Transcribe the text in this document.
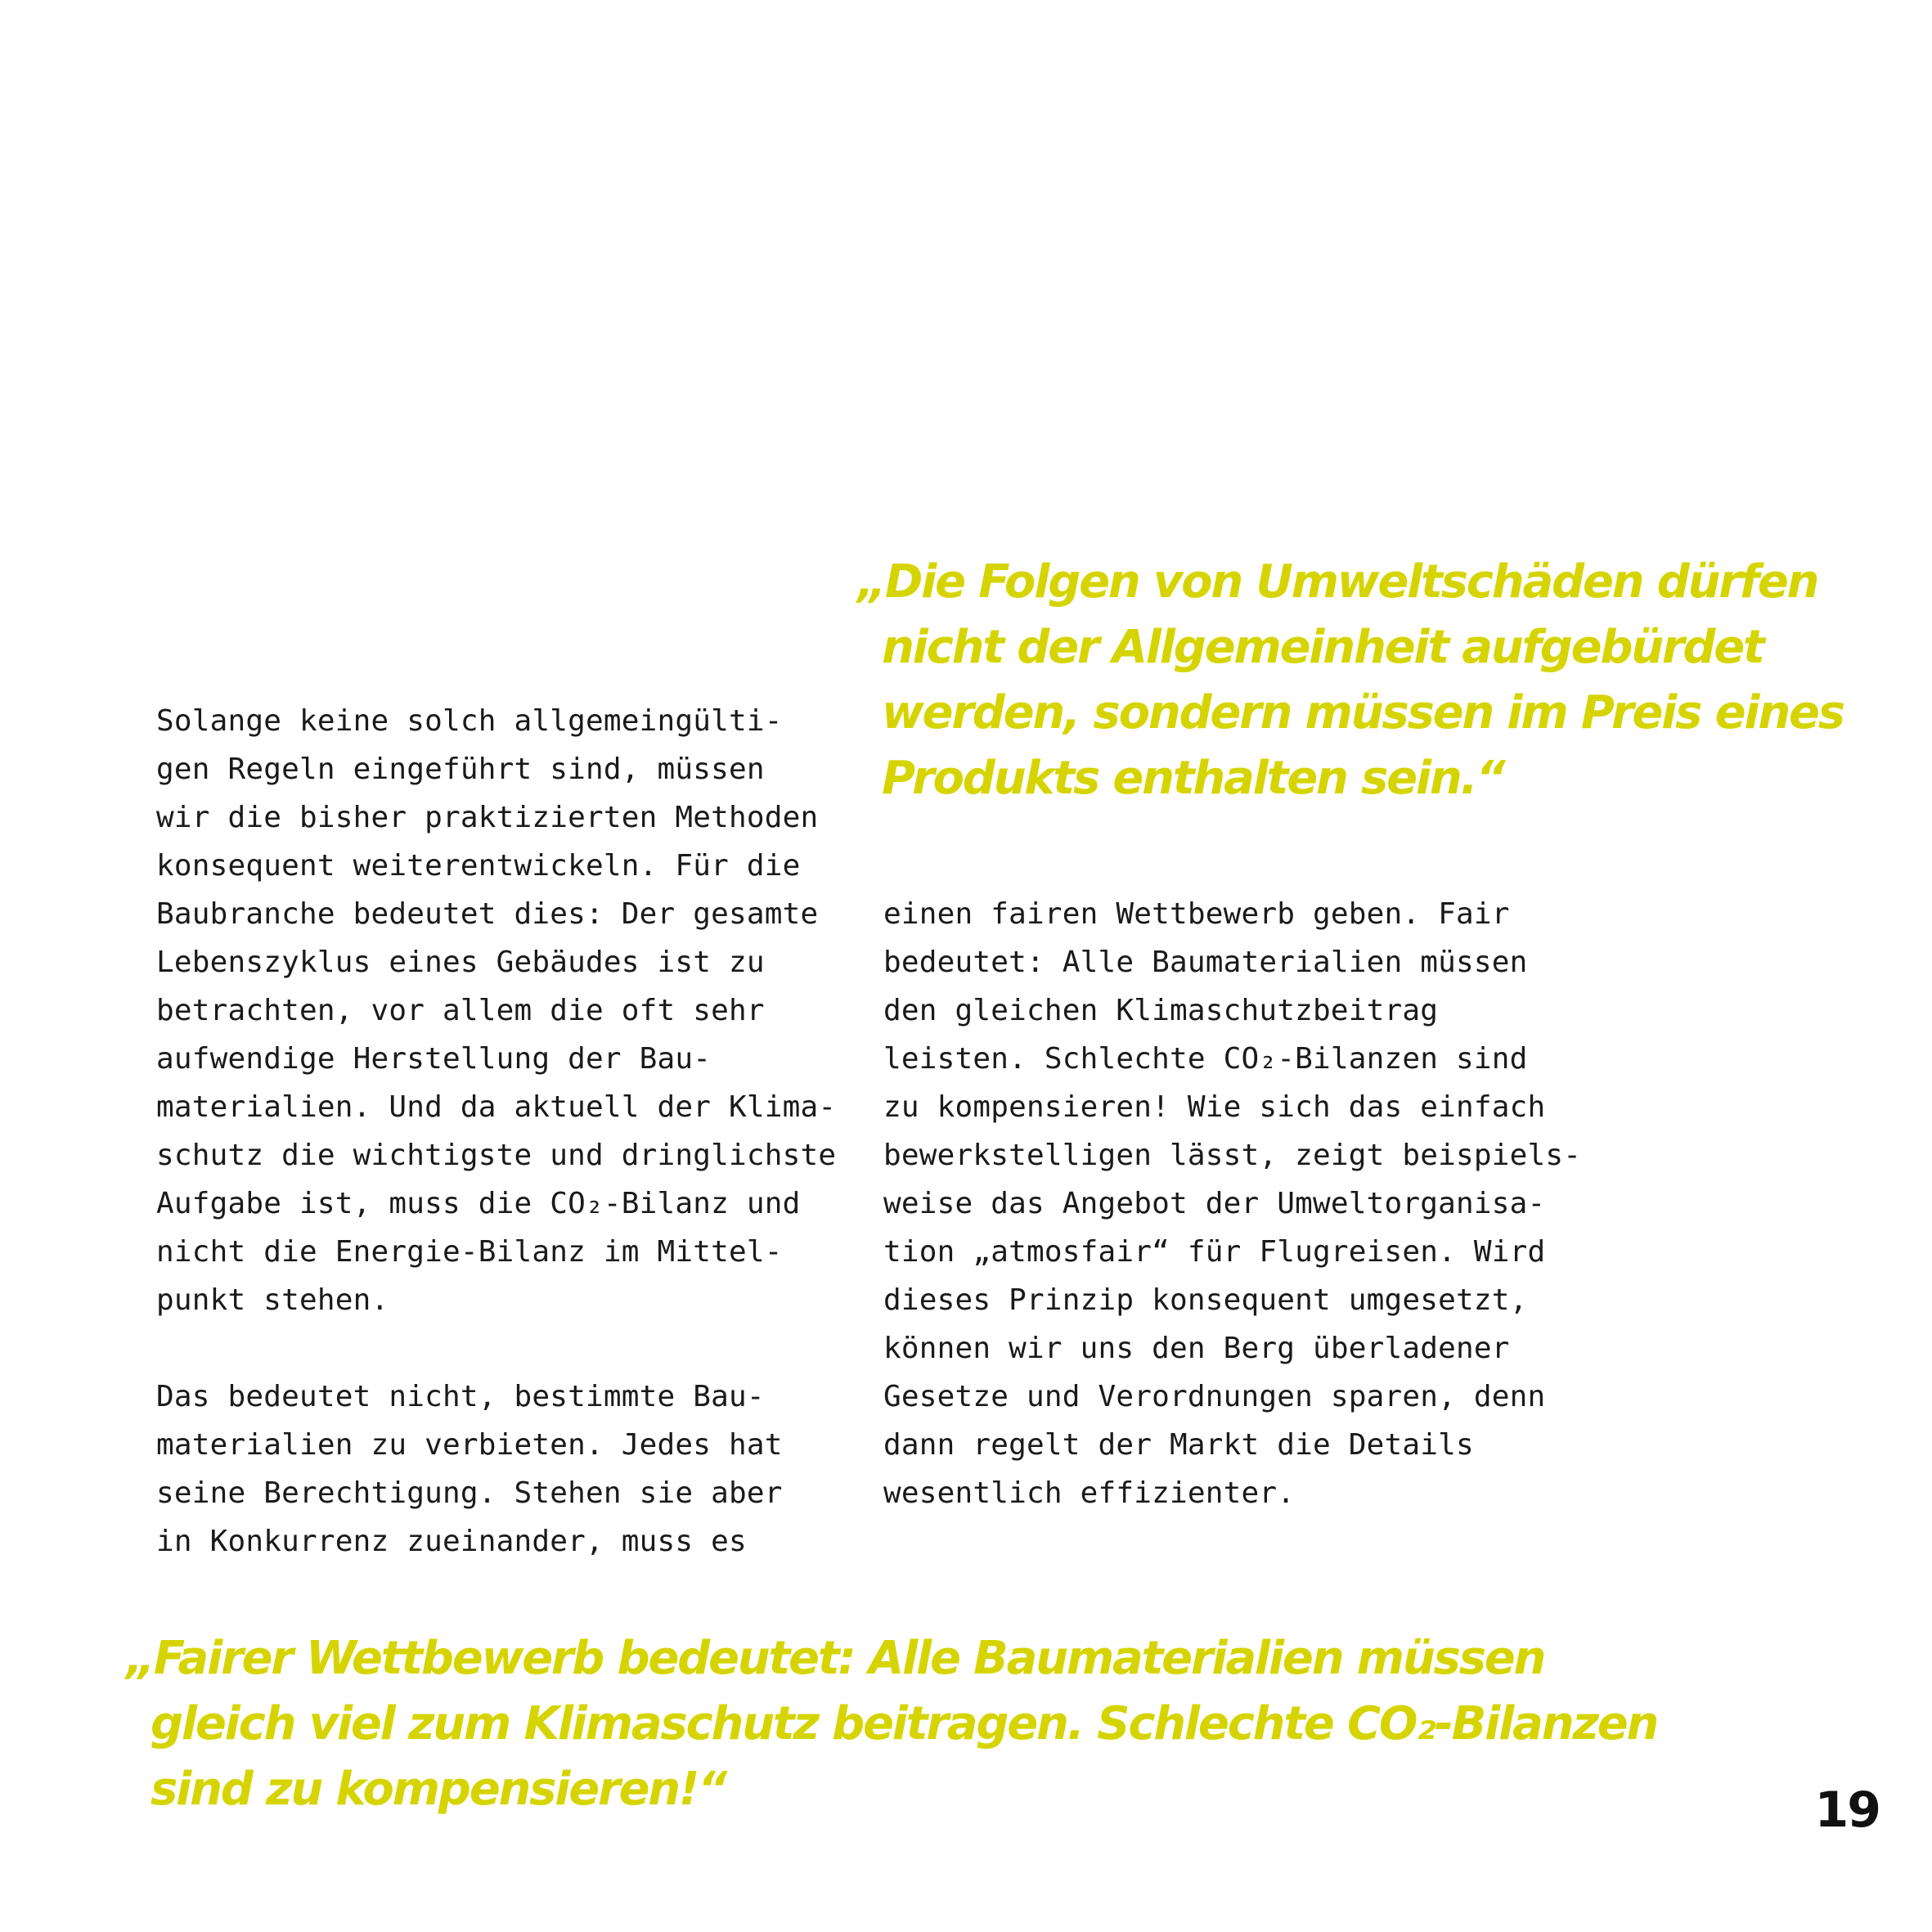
„Die Folgen von Umweltschäden dürfen
nicht der Allgemeinheit aufgebürdet
werden, sondern müssen im Preis eines
Produkts enthalten sein.“
Solange keine solch allgemeingülti-
gen Regeln eingeführt sind, müssen
wir die bisher praktizierten Methoden
konsequent weiterentwickeln. Für die
Baubranche bedeutet dies: Der gesamte
Lebenszyklus eines Gebäudes ist zu
betrachten, vor allem die oft sehr
aufwendige Herstellung der Bau-
materialien. Und da aktuell der Klima-
schutz die wichtigste und dringlichste
Aufgabe ist, muss die CO₂-Bilanz und
nicht die Energie-Bilanz im Mittel-
punkt stehen.
Das bedeutet nicht, bestimmte Bau-
materialien zu verbieten. Jedes hat
seine Berechtigung. Stehen sie aber
in Konkurrenz zueinander, muss es
einen fairen Wettbewerb geben. Fair
bedeutet: Alle Baumaterialien müssen
den gleichen Klimaschutzbeitrag
leisten. Schlechte CO₂-Bilanzen sind
zu kompensieren! Wie sich das einfach
bewerkstelligen lässt, zeigt beispiels-
weise das Angebot der Umweltorganisa-
tion „atmosfair“ für Flugreisen. Wird
dieses Prinzip konsequent umgesetzt,
können wir uns den Berg überladener
Gesetze und Verordnungen sparen, denn
dann regelt der Markt die Details
wesentlich effizienter.
„Fairer Wettbewerb bedeutet: Alle Baumaterialien müssen
gleich viel zum Klimaschutz beitragen. Schlechte CO₂-Bilanzen
sind zu kompensieren!“	19
